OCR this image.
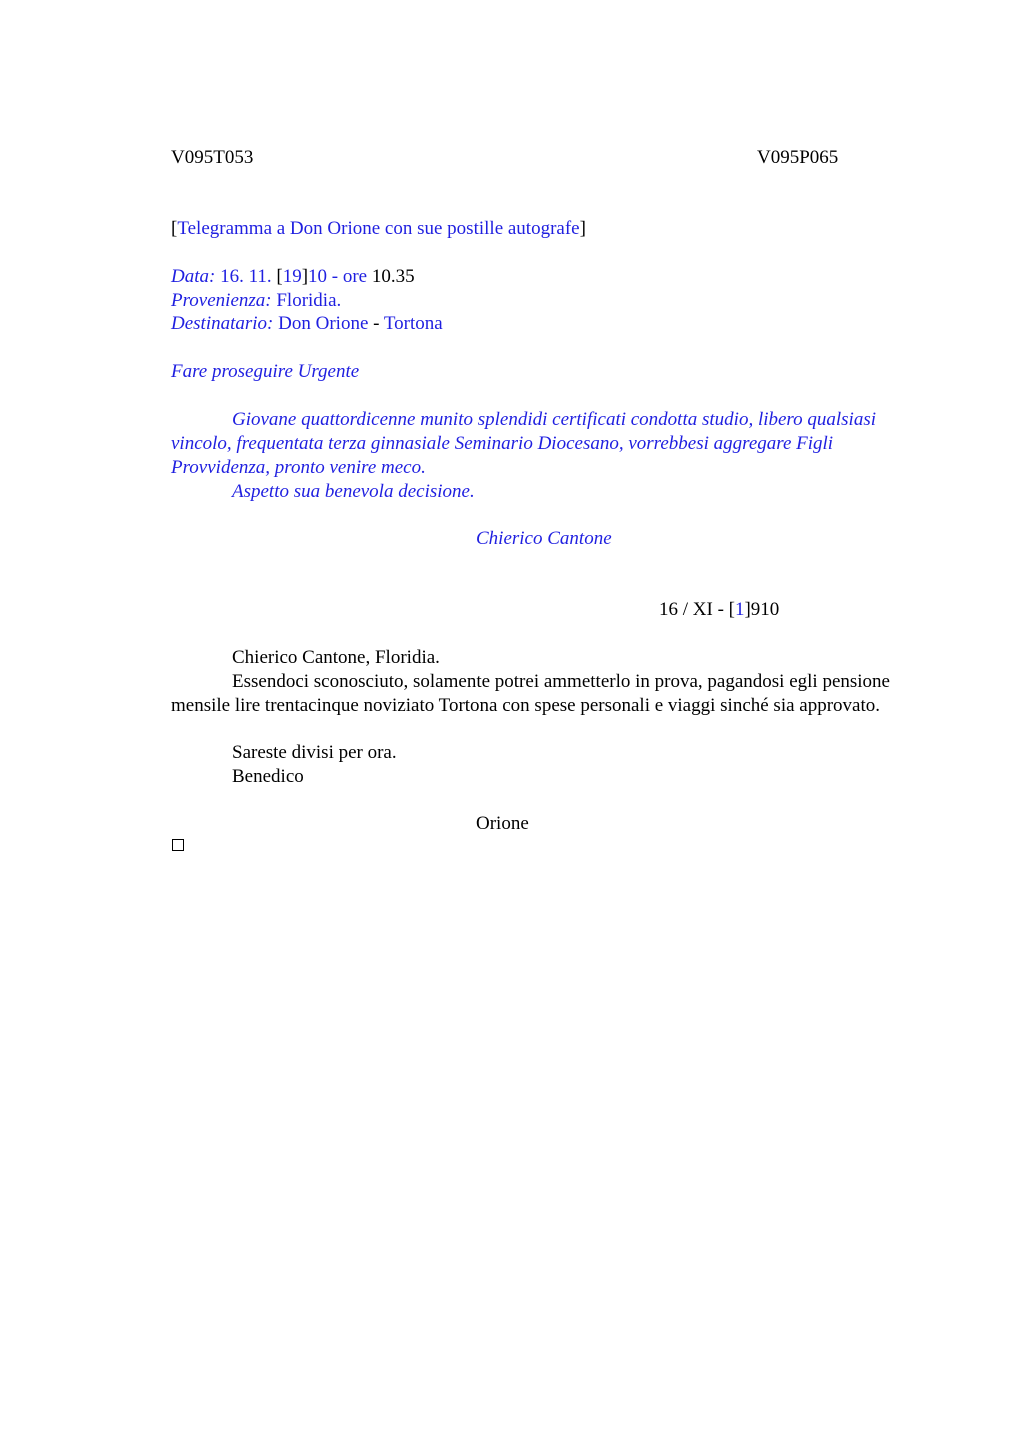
V095T053	V095P065
[Telegramma a Don Orione con sue postille autografe]
Data: 16. 11. [19]10 - ore 10.35
Provenienza: Floridia.
Destinatario: Don Orione - Tortona
Fare proseguire Urgente

Giovane quattordicenne munito splendidi certificati condotta studio, libero qualsiasi vincolo, frequentata terza ginnasiale Seminario Diocesano, vorrebbesi aggregare Figli Provvidenza, pronto venire meco.

Aspetto sua benevola decisione.
Chierico Cantone
16 / XI - [1]910
Chierico Cantone, Floridia.

Essendoci sconosciuto, solamente potrei ammetterlo in prova, pagandosi egli pensione mensile lire trentacinque noviziato Tortona con spese personali e viaggi sinché sia approvato.

Sareste divisi per ora.
Benedico
Orione
